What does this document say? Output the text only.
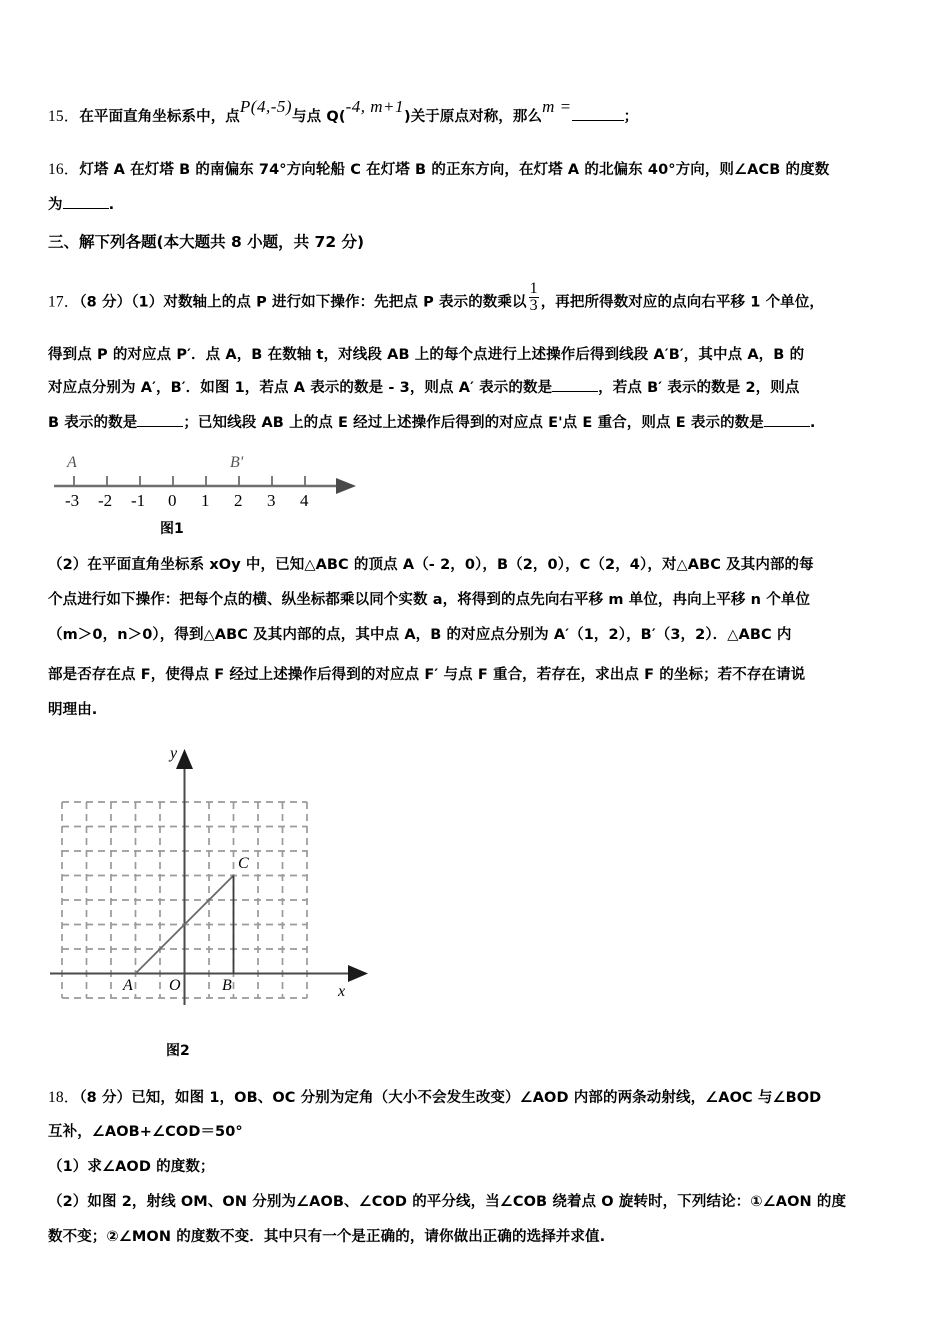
15．在平面直角坐标系中，点P(4,-5)与点 Q(-4, m+1)关于原点对称，那么m =；
16．灯塔 A 在灯塔 B 的南偏东 74°方向轮船 C 在灯塔 B 的正东方向，在灯塔 A 的北偏东 40°方向，则∠ACB 的度数
为	.
三、解下列各题(本大题共 8 小题，共 72 分)
17．（8 分）（1）对数轴上的点 P 进行如下操作：先把点 P 表示的数乘以 $\frac{1}{3}$ ，再把所得数对应的点向右平移 1 个单位，
得到点 P 的对应点 P′．点 A，B 在数轴 t，对线段 AB 上的每个点进行上述操作后得到线段 A′B′，其中点 A，B 的
对应点分别为 A′，B′．如图 1，若点 A 表示的数是 - 3，则点 A′ 表示的数是	，若点 B′ 表示的数是 2，则点
B 表示的数是	；已知线段 AB 上的点 E 经过上述操作后得到的对应点 E'点 E 重合，则点 E 表示的数是	.
-3 -2 -1 0 1 2 3 4
A	B'
图1
（2）在平面直角坐标系 xOy 中，已知△ABC 的顶点 A（- 2，0），B（2，0），C（2，4），对△ABC 及其内部的每
个点进行如下操作：把每个点的横、纵坐标都乘以同个实数 a，将得到的点先向右平移 m 单位，冉向上平移 n 个单位
（m＞0，n＞0），得到△ABC 及其内部的点，其中点 A，B 的对应点分别为 A′（1，2），B′（3，2）．△ABC 内
部是否存在点 F，使得点 F 经过上述操作后得到的对应点 F′ 与点 F 重合，若存在，求出点 F 的坐标；若不存在请说
明理由.
y
x
A	B
C
O
图2
18．（8 分）已知，如图 1，OB、OC 分别为定角（大小不会发生改变）∠AOD 内部的两条动射线，∠AOC 与∠BOD
互补，∠AOB+∠COD＝50°
（1）求∠AOD 的度数；
（2）如图 2，射线 OM、ON 分别为∠AOB、∠COD 的平分线，当∠COB 绕着点 O 旋转时，下列结论：①∠AON 的度
数不变；②∠MON 的度数不变．其中只有一个是正确的，请你做出正确的选择并求值.
